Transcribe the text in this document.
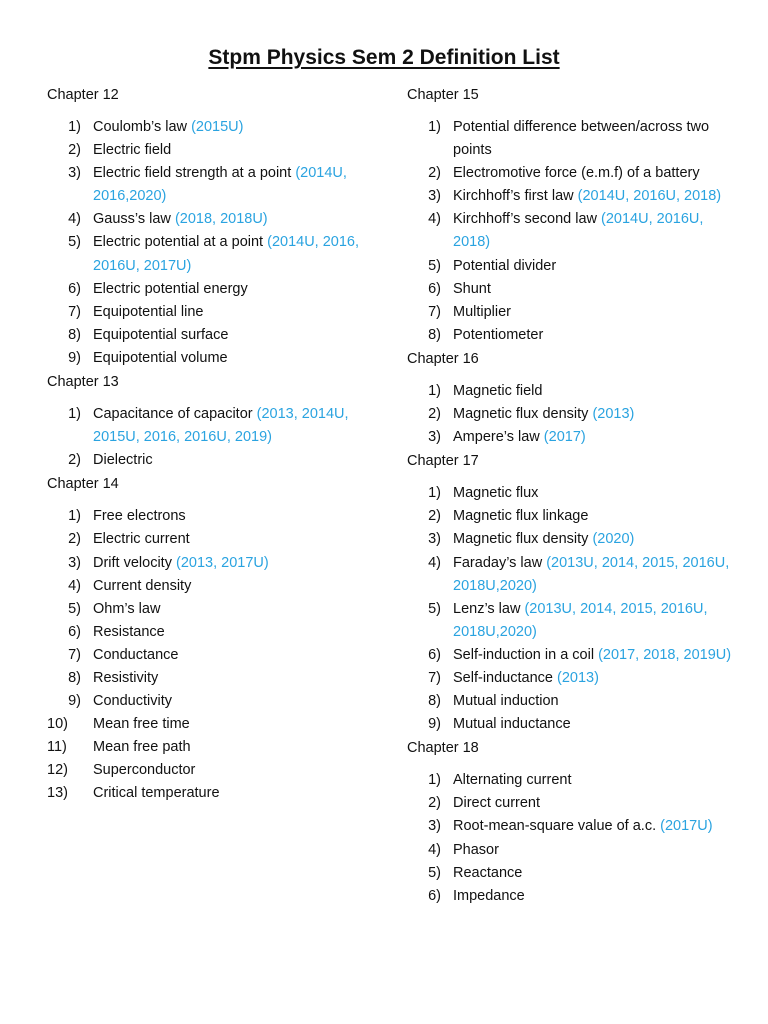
Stpm Physics Sem 2 Definition List
Chapter 12
1) Coulomb’s law (2015U)
2) Electric field
3) Electric field strength at a point (2014U, 2016,2020)
4) Gauss’s law (2018, 2018U)
5) Electric potential at a point (2014U, 2016, 2016U, 2017U)
6) Electric potential energy
7) Equipotential line
8) Equipotential surface
9) Equipotential volume
Chapter 13
1) Capacitance of capacitor (2013, 2014U, 2015U, 2016, 2016U, 2019)
2) Dielectric
Chapter 14
1) Free electrons
2) Electric current
3) Drift velocity (2013, 2017U)
4) Current density
5) Ohm’s law
6) Resistance
7) Conductance
8) Resistivity
9) Conductivity
10)	Mean free time
11)	Mean free path
12)	Superconductor
13)	Critical temperature
Chapter 15
1) Potential difference between/across two points
2) Electromotive force (e.m.f) of a battery
3) Kirchhoff’s first law (2014U, 2016U, 2018)
4) Kirchhoff’s second law (2014U, 2016U, 2018)
5) Potential divider
6) Shunt
7) Multiplier
8) Potentiometer
Chapter 16
1) Magnetic field
2) Magnetic flux density (2013)
3) Ampere’s law (2017)
Chapter 17
1) Magnetic flux
2) Magnetic flux linkage
3) Magnetic flux density (2020)
4) Faraday’s law (2013U, 2014, 2015, 2016U, 2018U,2020)
5) Lenz’s law (2013U, 2014, 2015, 2016U, 2018U,2020)
6) Self-induction in a coil (2017, 2018, 2019U)
7) Self-inductance (2013)
8) Mutual induction
9) Mutual inductance
Chapter 18
1) Alternating current
2) Direct current
3) Root-mean-square value of a.c. (2017U)
4) Phasor
5) Reactance
6) Impedance
